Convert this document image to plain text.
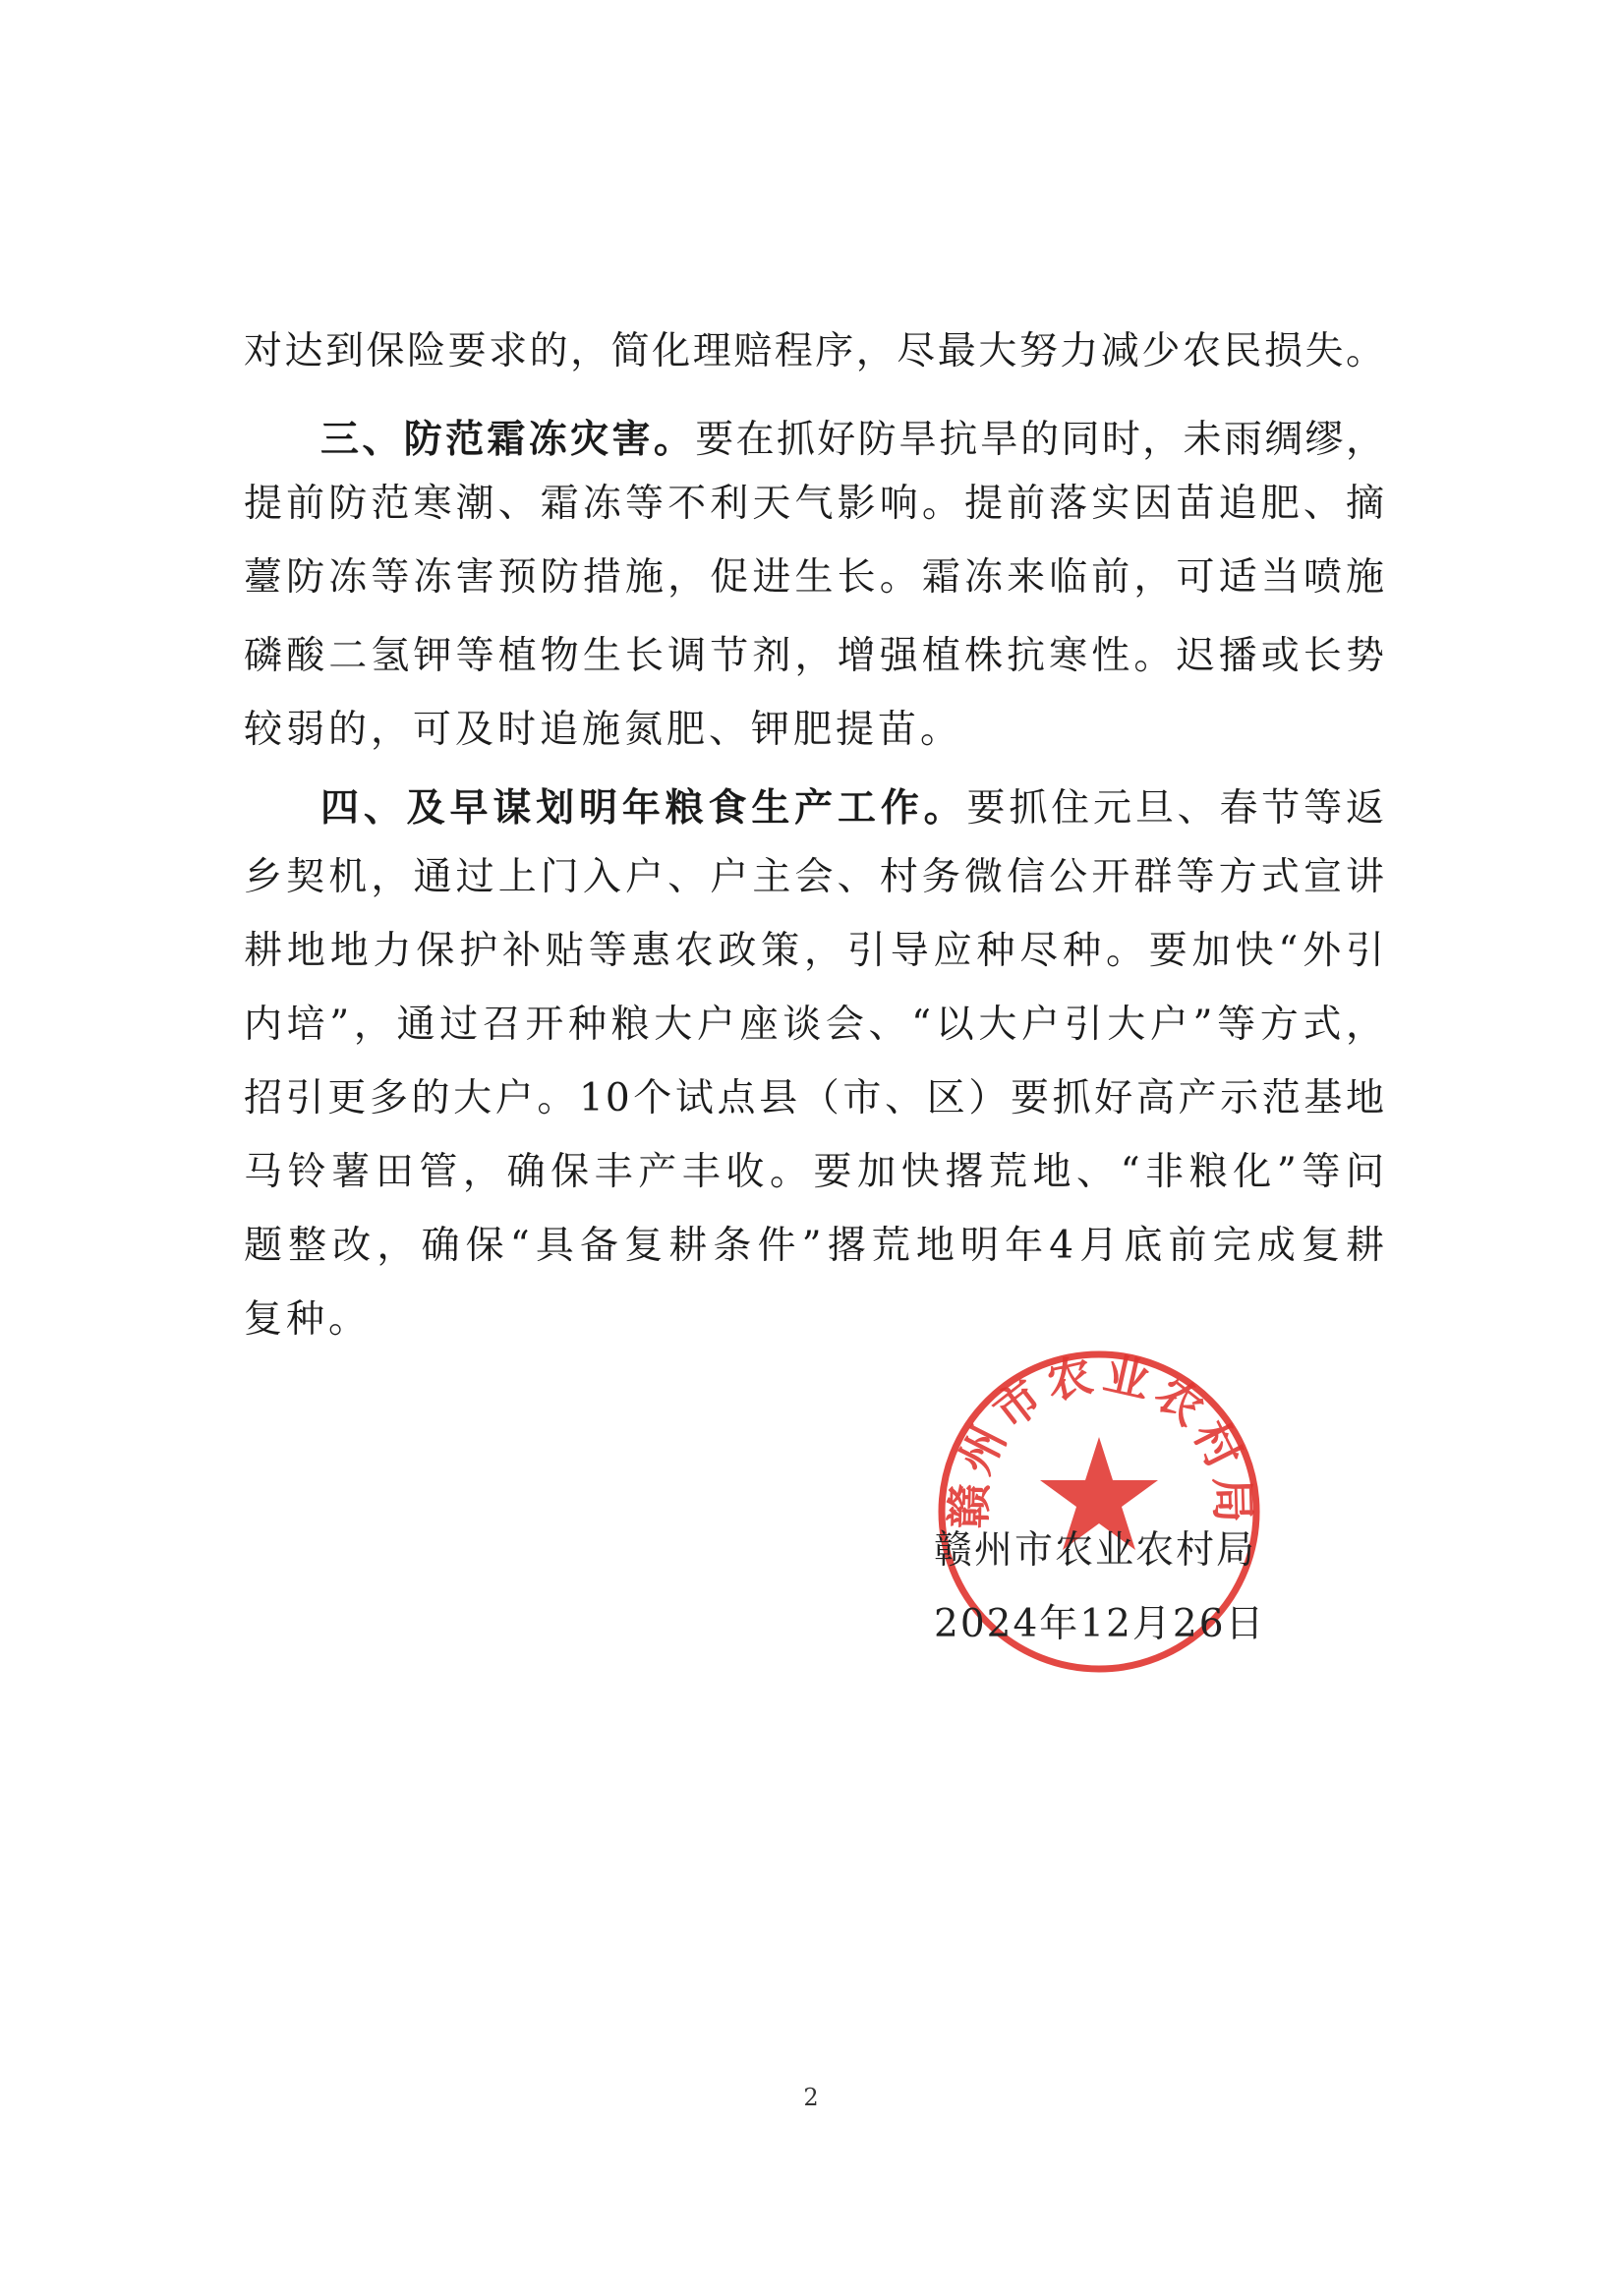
对达到保险要求的，简化理赔程序，尽最大努力减少农民损失。
三、防范霜冻灾害。要在抓好防旱抗旱的同时，未雨绸缪，
提前防范寒潮、霜冻等不利天气影响。提前落实因苗追肥、摘
薹防冻等冻害预防措施，促进生长。霜冻来临前，可适当喷施
磷酸二氢钾等植物生长调节剂，增强植株抗寒性。迟播或长势
较弱的，可及时追施氮肥、钾肥提苗。
四、及早谋划明年粮食生产工作。要抓住元旦、春节等返
乡契机，通过上门入户、户主会、村务微信公开群等方式宣讲
耕地地力保护补贴等惠农政策，引导应种尽种。要加快“外引
内培”，通过召开种粮大户座谈会、“以大户引大户”等方式，
招引更多的大户。10个试点县（市、区）要抓好高产示范基地
马铃薯田管，确保丰产丰收。要加快撂荒地、“非粮化”等问
题整改，确保“具备复耕条件”撂荒地明年4月底前完成复耕
复种。
赣州市农业农村局
赣州市农业农村局
2024年12月26日
2
